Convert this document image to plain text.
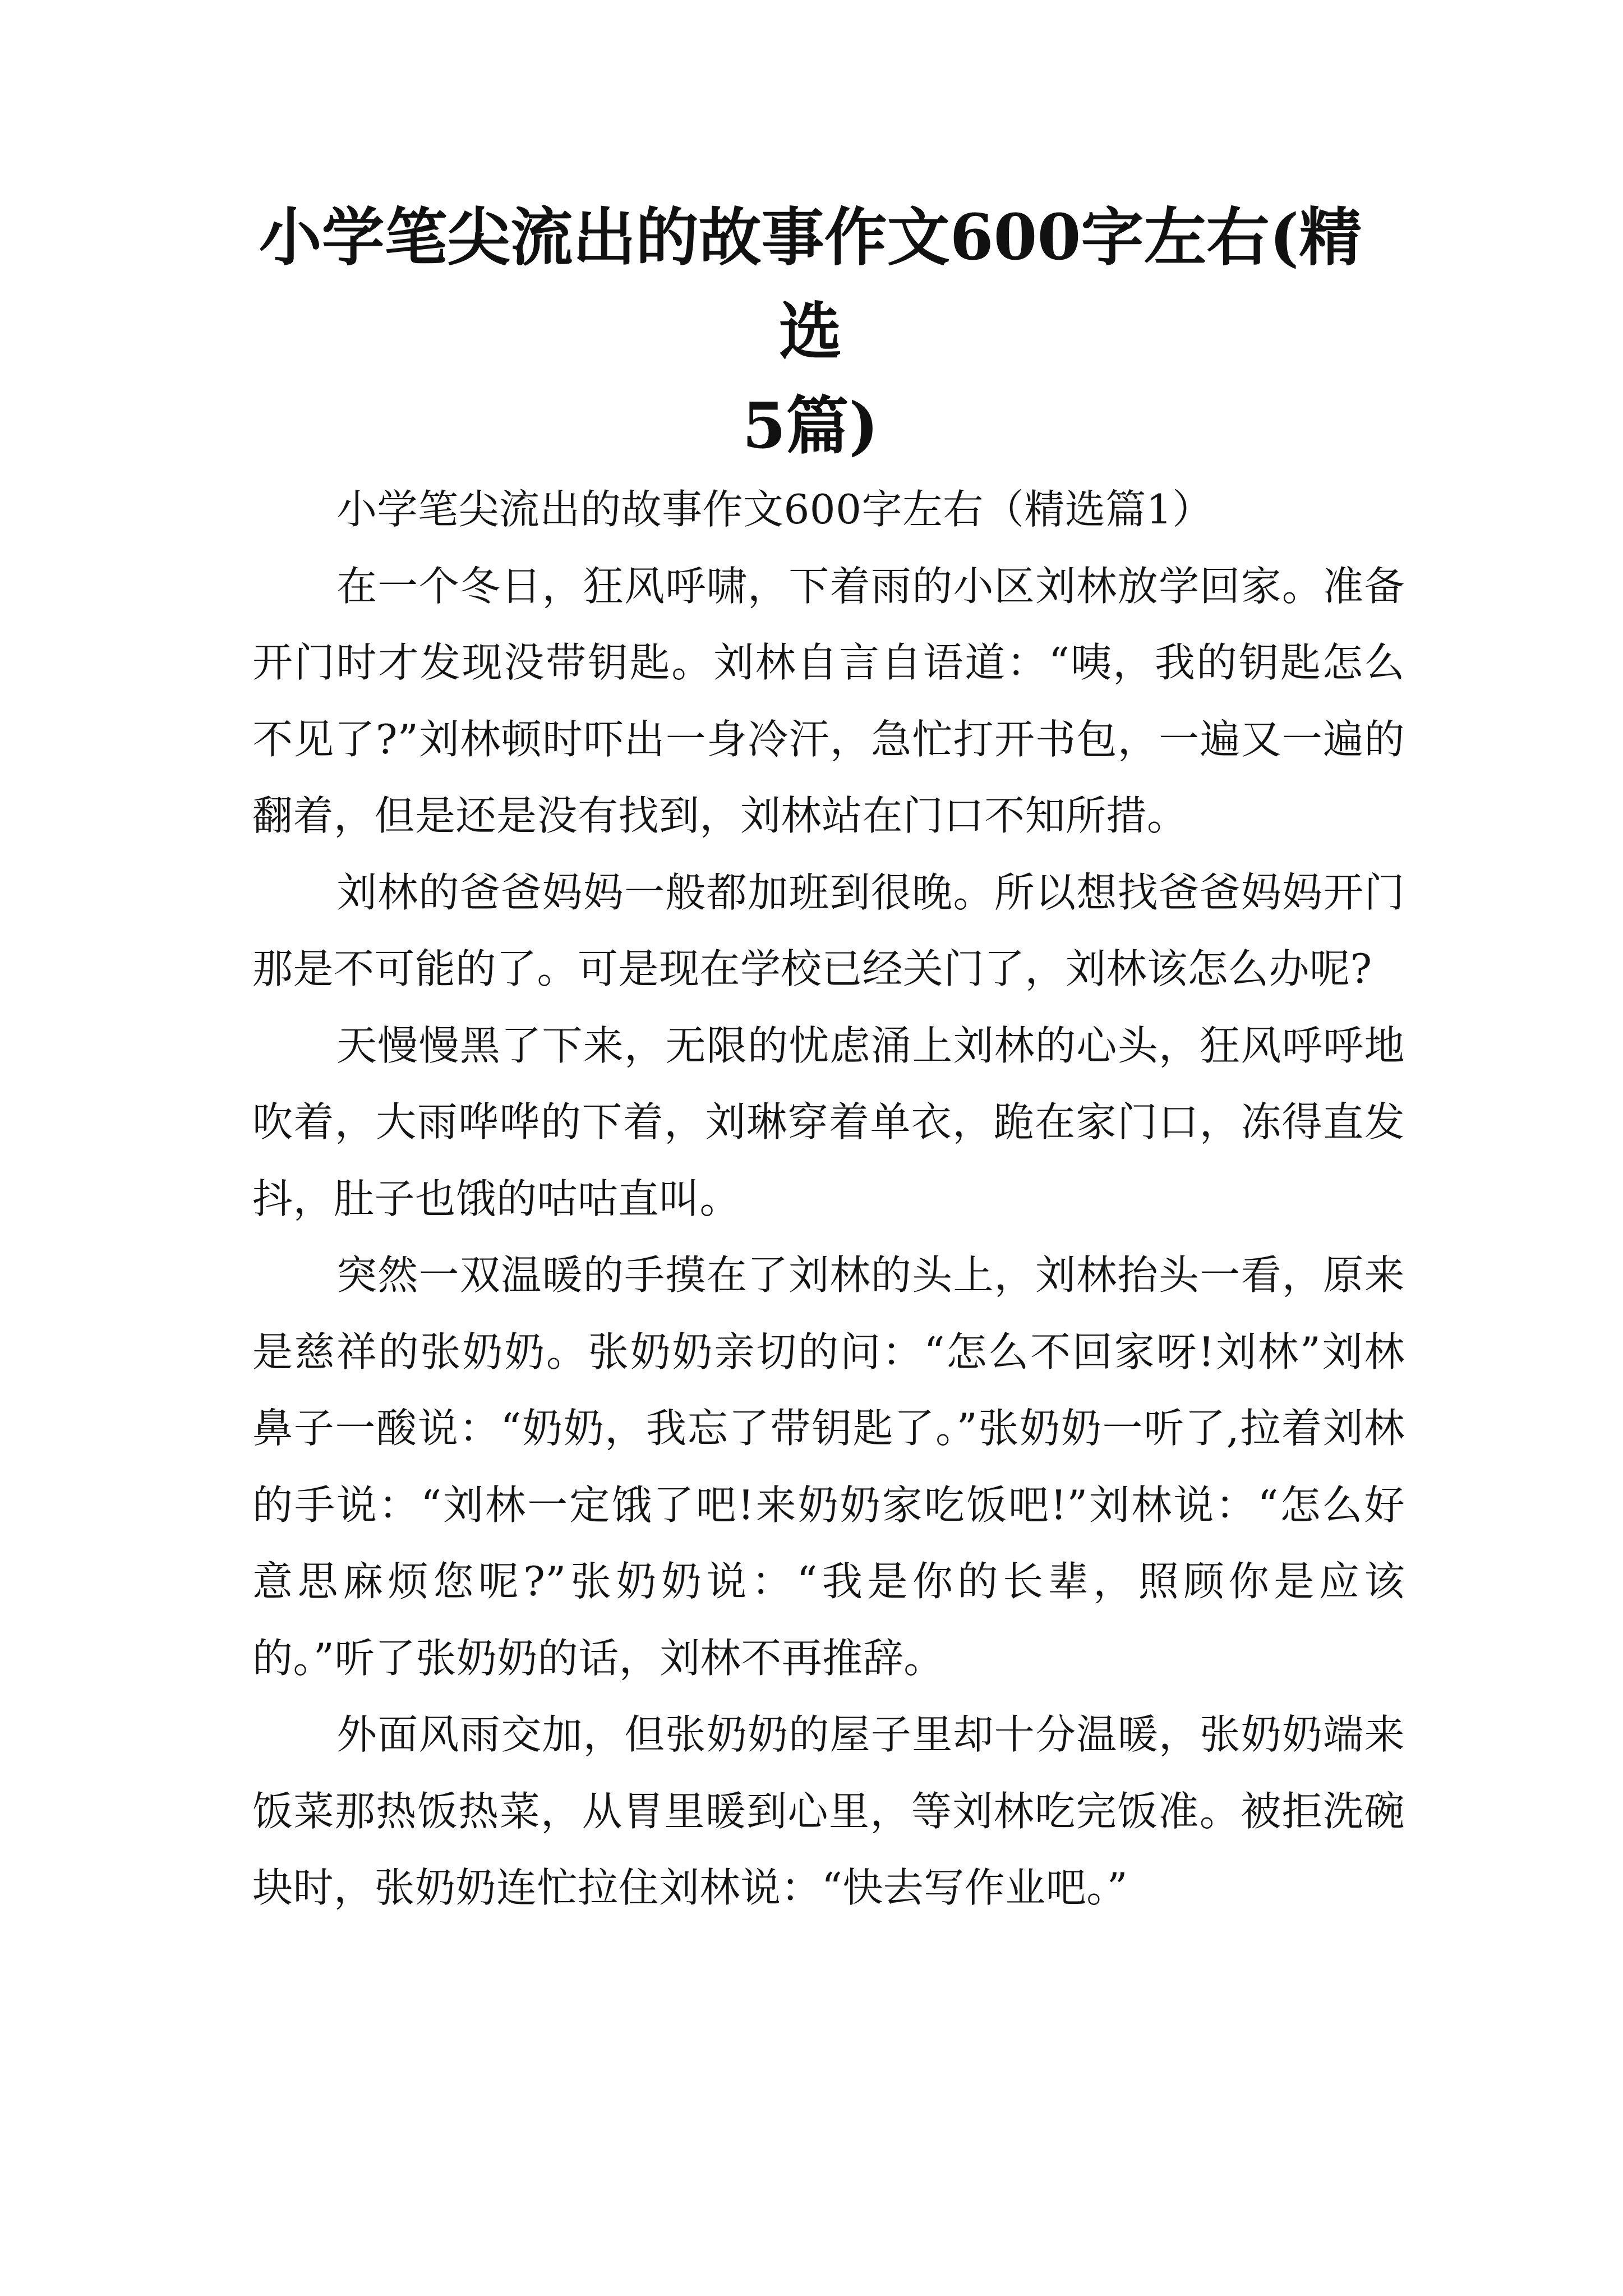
小学笔尖流出的故事作文600字左右(精选
5篇)

小学笔尖流出的故事作文600字左右（精选篇1）

在一个冬日，狂风呼啸，下着雨的小区刘林放学回家。准备开门时才发现没带钥匙。刘林自言自语道：“咦，我的钥匙怎么不见了?”刘林顿时吓出一身冷汗，急忙打开书包，一遍又一遍的翻着，但是还是没有找到，刘林站在门口不知所措。

刘林的爸爸妈妈一般都加班到很晚。所以想找爸爸妈妈开门那是不可能的了。可是现在学校已经关门了，刘林该怎么办呢?

天慢慢黑了下来，无限的忧虑涌上刘林的心头，狂风呼呼地吹着，大雨哗哗的下着，刘琳穿着单衣，跪在家门口，冻得直发抖，肚子也饿的咕咕直叫。

突然一双温暖的手摸在了刘林的头上，刘林抬头一看，原来是慈祥的张奶奶。张奶奶亲切的问：“怎么不回家呀!刘林”刘林鼻子一酸说：“奶奶，我忘了带钥匙了。”张奶奶一听了,拉着刘林的手说：“刘林一定饿了吧!来奶奶家吃饭吧!”刘林说：“怎么好意思麻烦您呢?”张奶奶说：“我是你的长辈，照顾你是应该的。”听了张奶奶的话，刘林不再推辞。

外面风雨交加，但张奶奶的屋子里却十分温暖，张奶奶端来饭菜那热饭热菜，从胃里暖到心里，等刘林吃完饭准。被拒洗碗块时，张奶奶连忙拉住刘林说：“快去写作业吧。”
